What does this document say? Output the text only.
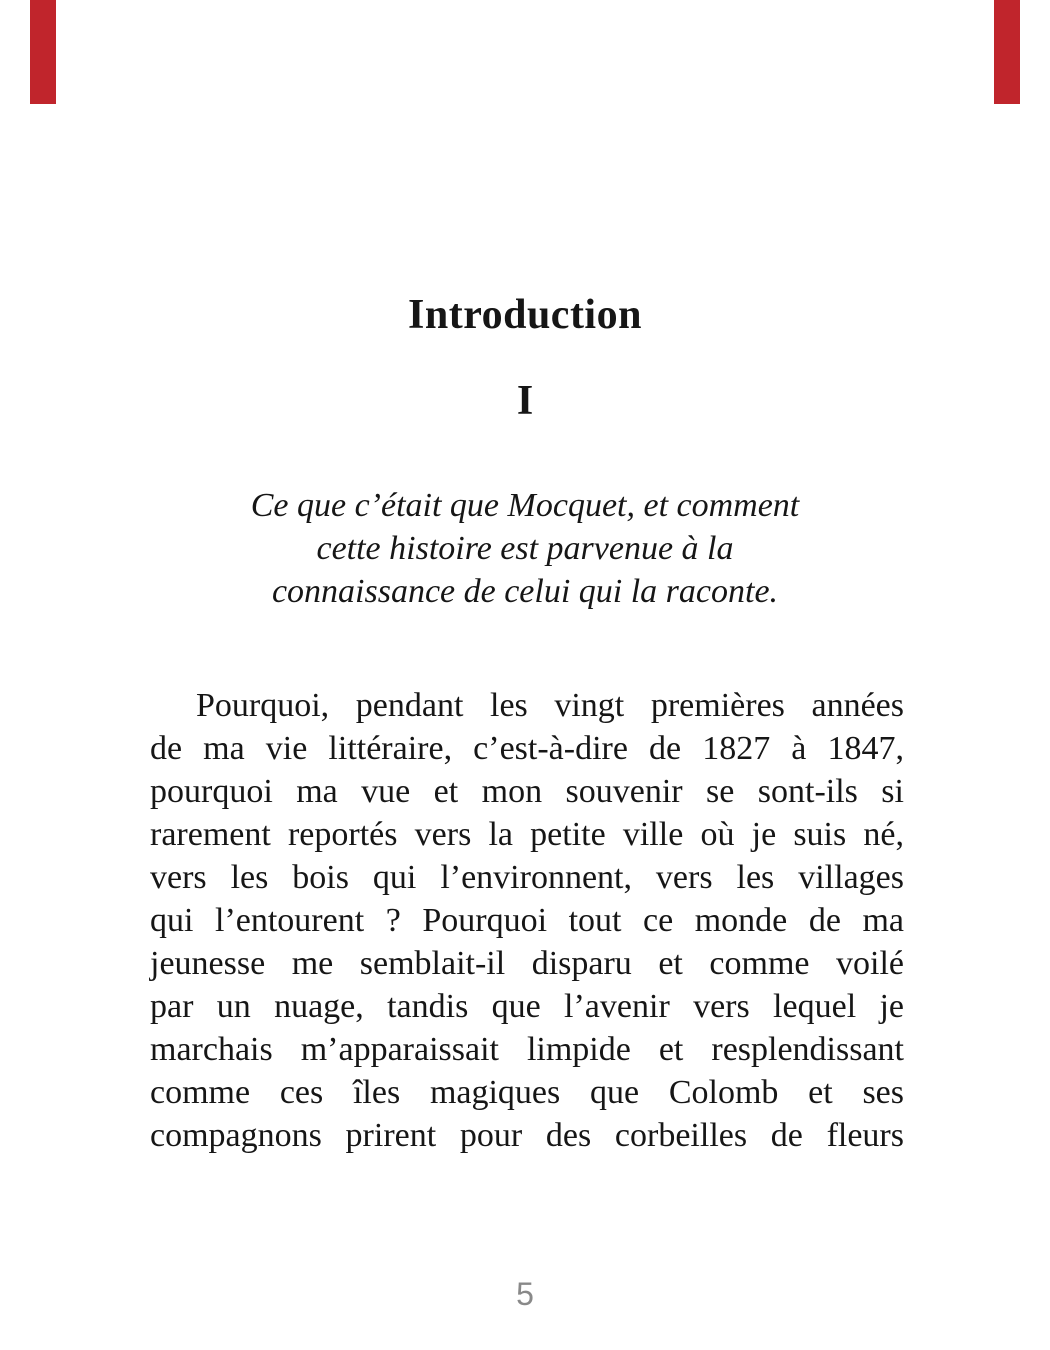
Introduction
I
Ce que c’était que Mocquet, et comment
cette histoire est parvenue à la
connaissance de celui qui la raconte.
Pourquoi, pendant les vingt premières années
de ma vie littéraire, c’est-à-dire de 1827 à 1847,
pourquoi ma vue et mon souvenir se sont-ils si
rarement reportés vers la petite ville où je suis né,
vers les bois qui l’environnent, vers les villages
qui l’entourent ? Pourquoi tout ce monde de ma
jeunesse me semblait-il disparu et comme voilé
par un nuage, tandis que l’avenir vers lequel je
marchais m’apparaissait limpide et resplendissant
comme ces îles magiques que Colomb et ses
compagnons prirent pour des corbeilles de fleurs
5
